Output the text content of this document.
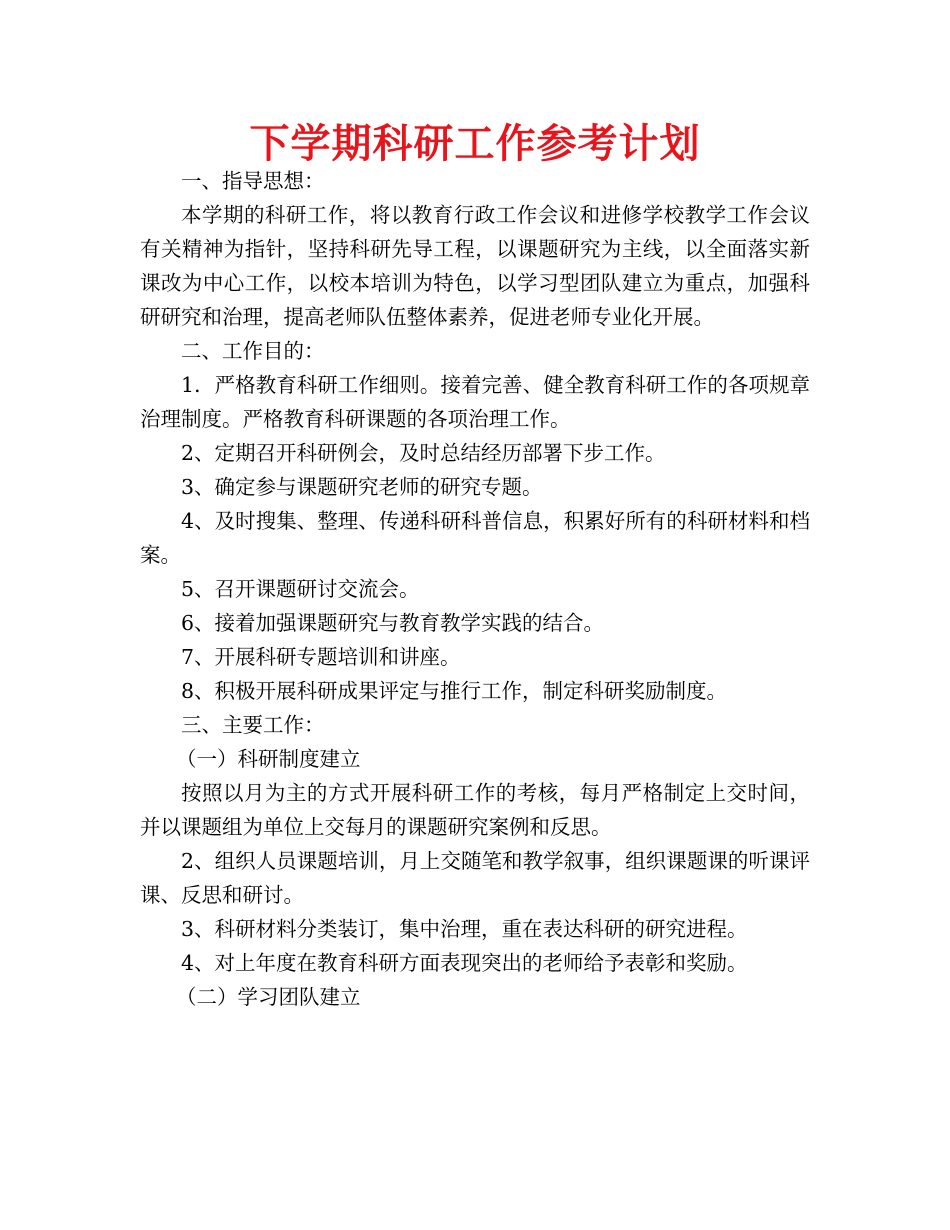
下学期科研工作参考计划

一、指导思想：

本学期的科研工作，将以教育行政工作会议和进修学校教学工作会议有关精神为指针，坚持科研先导工程，以课题研究为主线，以全面落实新课改为中心工作，以校本培训为特色，以学习型团队建立为重点，加强科研研究和治理，提高老师队伍整体素养，促进老师专业化开展。

二、工作目的：

1．严格教育科研工作细则。接着完善、健全教育科研工作的各项规章治理制度。严格教育科研课题的各项治理工作。

2、定期召开科研例会，及时总结经历部署下步工作。

3、确定参与课题研究老师的研究专题。

4、及时搜集、整理、传递科研科普信息，积累好所有的科研材料和档案。

5、召开课题研讨交流会。

6、接着加强课题研究与教育教学实践的结合。

7、开展科研专题培训和讲座。

8、积极开展科研成果评定与推行工作，制定科研奖励制度。

三、主要工作：

（一）科研制度建立

按照以月为主的方式开展科研工作的考核，每月严格制定上交时间，并以课题组为单位上交每月的课题研究案例和反思。

2、组织人员课题培训，月上交随笔和教学叙事，组织课题课的听课评课、反思和研讨。

3、科研材料分类装订，集中治理，重在表达科研的研究进程。

4、对上年度在教育科研方面表现突出的老师给予表彰和奖励。

（二）学习团队建立
